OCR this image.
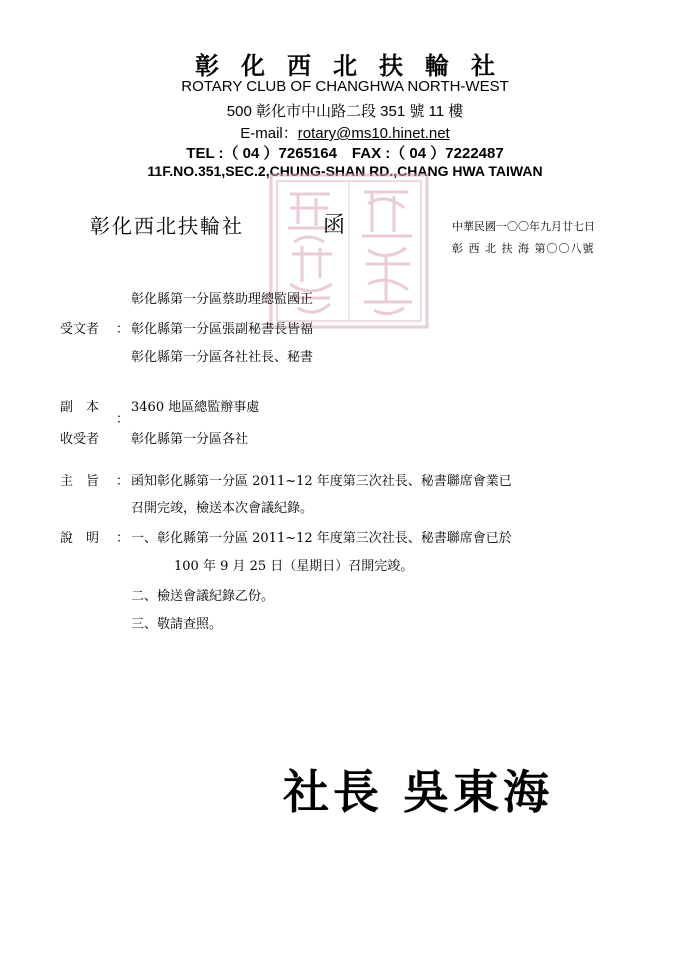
彰化西北扶輪社
ROTARY CLUB OF CHANGHWA NORTH-WEST
500 彰化市中山路二段 351 號 11 樓
E-mail：rotary@ms10.hinet.net
TEL :（ 04 ）7265164　FAX :（ 04 ）7222487
11F.NO.351,SEC.2,CHUNG-SHAN RD.,CHANG HWA TAIWAN
彰化西北扶輪社	函	中華民國一〇〇年九月廿七日
彰 西 北 扶 海 第〇〇八號
彰化縣第一分區蔡助理總監國正
受文者 ： 彰化縣第一分區張副秘書長皆福
彰化縣第一分區各社社長、秘書
副　本 3460 地區總監辦事處
：
收受者 彰化縣第一分區各社
主　旨 ： 函知彰化縣第一分區 2011~12 年度第三次社長、秘書聯席會業已
召開完竣，檢送本次會議紀錄。
說　明 ： 一、彰化縣第一分區 2011~12 年度第三次社長、秘書聯席會已於
100 年 9 月 25 日（星期日）召開完竣。
二、檢送會議紀錄乙份。
三、敬請查照。
社長 吳東海
